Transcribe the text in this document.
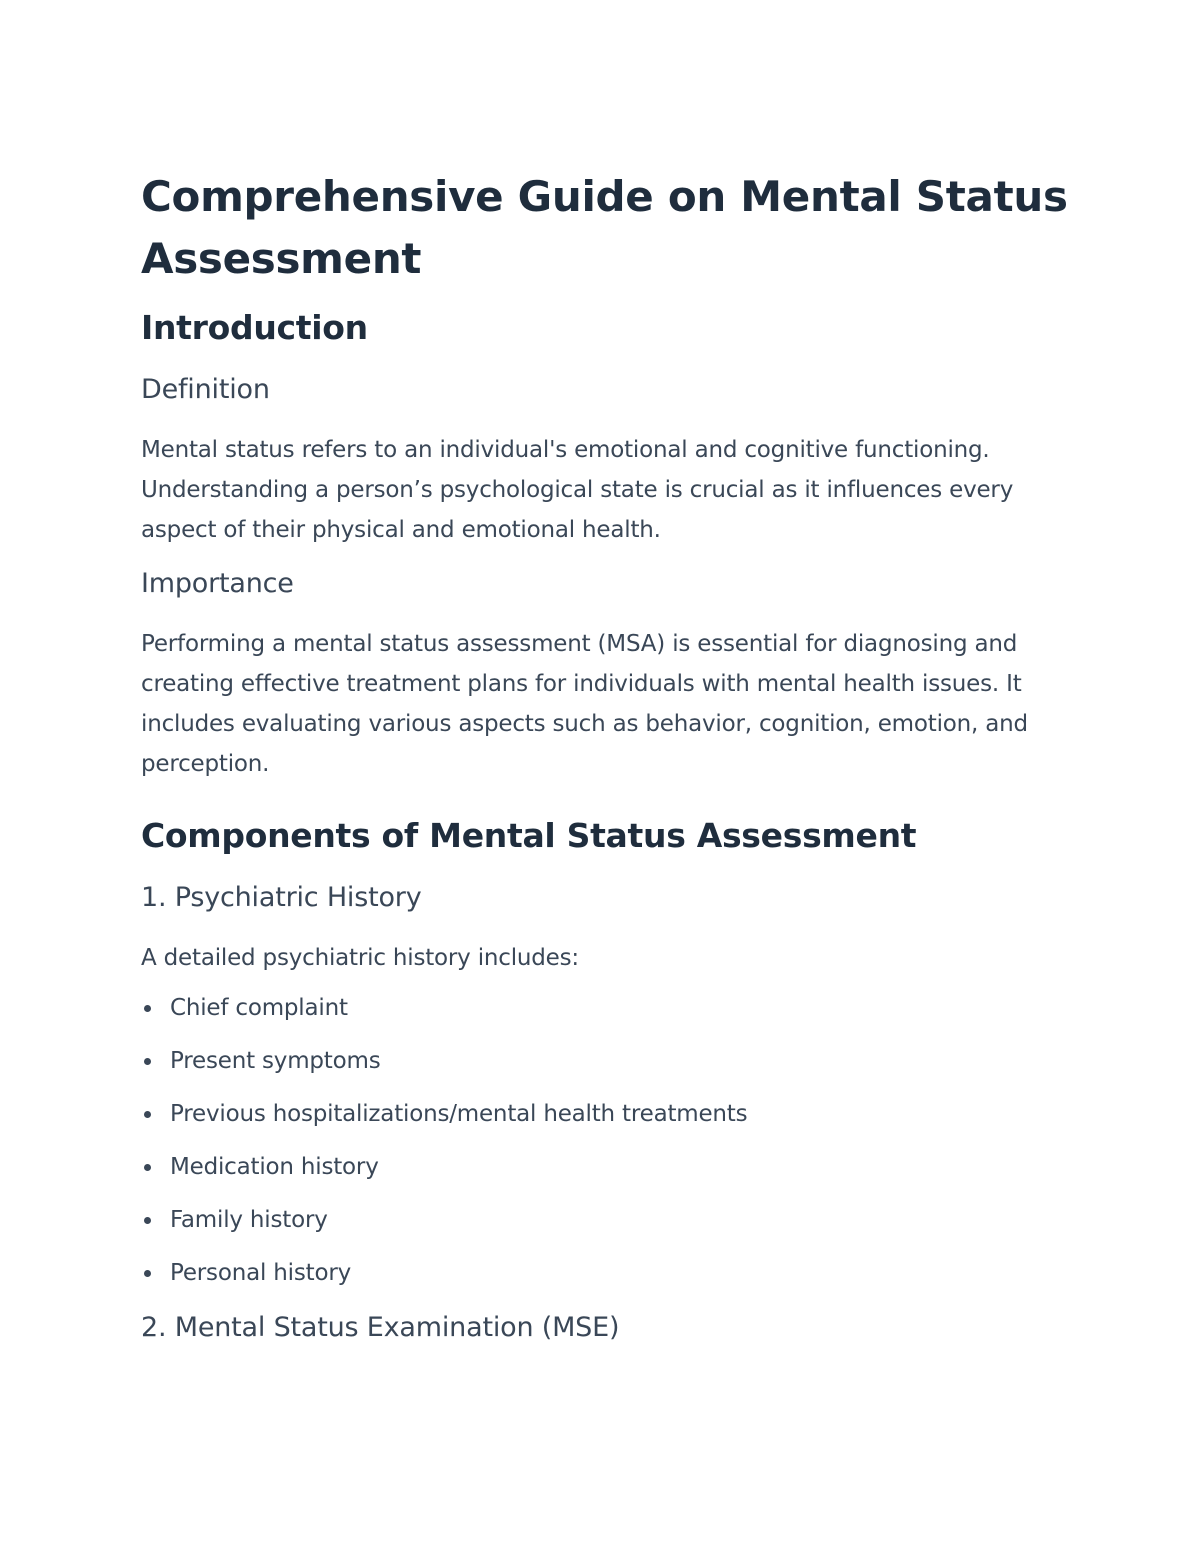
Comprehensive Guide on Mental Status Assessment
Introduction
Definition

Mental status refers to an individual's emotional and cognitive functioning. Understanding a person’s psychological state is crucial as it influences every aspect of their physical and emotional health.

Importance

Performing a mental status assessment (MSA) is essential for diagnosing and creating effective treatment plans for individuals with mental health issues. It includes evaluating various aspects such as behavior, cognition, emotion, and perception.

Components of Mental Status Assessment
1. Psychiatric History

A detailed psychiatric history includes:

Chief complaint
Present symptoms
Previous hospitalizations/mental health treatments
Medication history
Family history
Personal history
2. Mental Status Examination (MSE)
